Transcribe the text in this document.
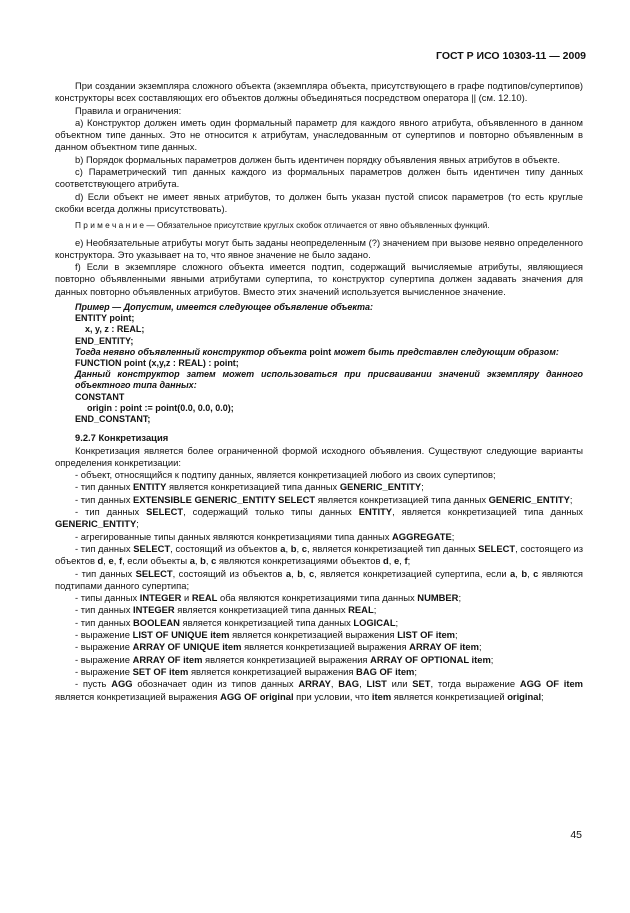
ГОСТ Р ИСО 10303-11 — 2009

При создании экземпляра сложного объекта (экземпляра объекта, присутствующего в графе подтипов/супертипов) конструкторы всех составляющих его объектов должны объединяться посредством оператора || (см. 12.10).

Правила и ограничения:

a) Конструктор должен иметь один формальный параметр для каждого явного атрибута, объявленного в данном объектном типе данных. Это не относится к атрибутам, унаследованным от супертипов и повторно объявленным в данном объектном типе данных.

b) Порядок формальных параметров должен быть идентичен порядку объявления явных атрибутов в объекте.

c) Параметрический тип данных каждого из формальных параметров должен быть идентичен типу данных соответствующего атрибута.

d) Если объект не имеет явных атрибутов, то должен быть указан пустой список параметров (то есть круглые скобки всегда должны присутствовать).

П р и м е ч а н и е — Обязательное присутствие круглых скобок отличается от явно объявленных функций.

e) Необязательные атрибуты могут быть заданы неопределенным (?) значением при вызове неявно определенного конструктора. Это указывает на то, что явное значение не было задано.

f) Если в экземпляре сложного объекта имеется подтип, содержащий вычисляемые атрибуты, являющиеся повторно объявленными явными атрибутами супертипа, то конструктор супертипа должен задавать значения для данных повторно объявленных атрибутов. Вместо этих значений используется вычисленное значение.

Пример — Допустим, имеется следующее объявление объекта:

ENTITY point;

x, y, z : REAL;

END_ENTITY;

Тогда неявно объявленный конструктор объекта point может быть представлен следующим образом:

FUNCTION point (x,y,z : REAL) : point;

Данный конструктор затем может использоваться при присваивании значений экземпляру данного объектного типа данных:

CONSTANT

origin : point := point(0.0, 0.0, 0.0);

END_CONSTANT;

9.2.7 Конкретизация

Конкретизация является более ограниченной формой исходного объявления. Существуют следующие варианты определения конкретизации:

- объект, относящийся к подтипу данных, является конкретизацией любого из своих супертипов;

- тип данных ENTITY является конкретизацией типа данных GENERIC_ENTITY;

- тип данных EXTENSIBLE GENERIC_ENTITY SELECT является конкретизацией типа данных GENERIC_ENTITY;

- тип данных SELECT, содержащий только типы данных ENTITY, является конкретизацией типа данных GENERIC_ENTITY;

- агрегированные типы данных являются конкретизациями типа данных AGGREGATE;

- тип данных SELECT, состоящий из объектов a, b, c, является конкретизацией тип данных SELECT, состоящего из объектов d, e, f, если объекты a, b, c являются конкретизациями объектов d, e, f;

- тип данных SELECT, состоящий из объектов a, b, c, является конкретизацией супертипа, если a, b, c являются подтипами данного супертипа;

- типы данных INTEGER и REAL оба являются конкретизациями типа данных NUMBER;

- тип данных INTEGER является конкретизацией типа данных REAL;

- тип данных BOOLEAN является конкретизацией типа данных LOGICAL;

- выражение LIST OF UNIQUE item является конкретизацией выражения LIST OF item;

- выражение ARRAY OF UNIQUE item является конкретизацией выражения ARRAY OF item;

- выражение ARRAY OF item является конкретизацией выражения ARRAY OF OPTIONAL item;

- выражение SET OF item является конкретизацией выражения BAG OF item;

- пусть AGG обозначает один из типов данных ARRAY, BAG, LIST или SET, тогда выражение AGG OF item является конкретизацией выражения AGG OF original при условии, что item является конкретизацией original;

45
